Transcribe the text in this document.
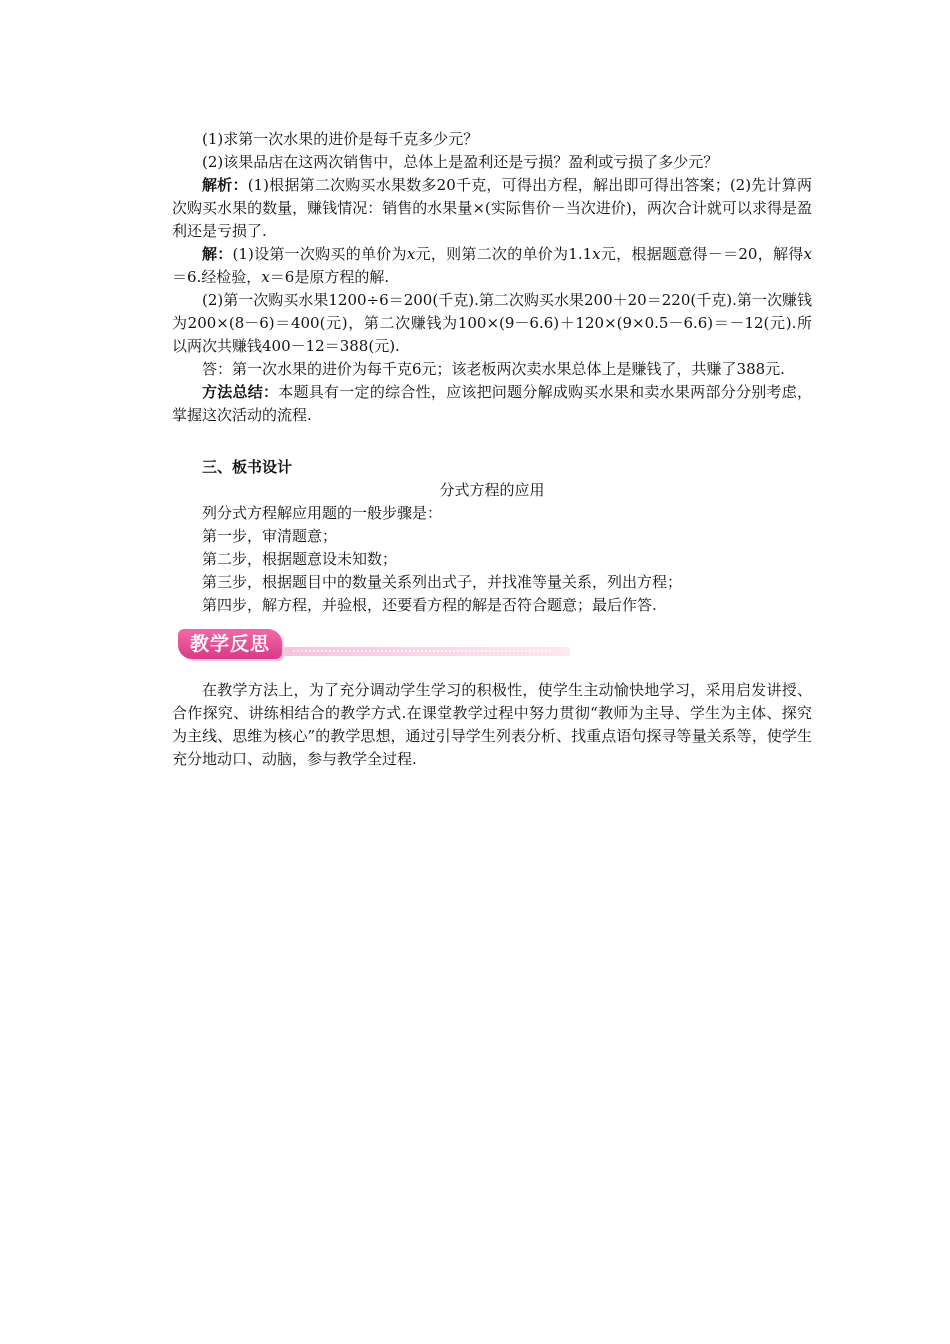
(1)求第一次水果的进价是每千克多少元？

(2)该果品店在这两次销售中，总体上是盈利还是亏损？盈利或亏损了多少元？

解析：(1)根据第二次购买水果数多20千克，可得出方程，解出即可得出答案；(2)先计算两次购买水果的数量，赚钱情况：销售的水果量×(实际售价－当次进价)，两次合计就可以求得是盈利还是亏损了.

解：(1)设第一次购买的单价为x元，则第二次的单价为1.1x元，根据题意得－＝20，解得x＝6.经检验，x＝6是原方程的解.

(2)第一次购买水果1200÷6＝200(千克).第二次购买水果200＋20＝220(千克).第一次赚钱为200×(8－6)＝400(元)，第二次赚钱为100×(9－6.6)＋120×(9×0.5－6.6)＝－12(元).所以两次共赚钱400－12＝388(元).

答：第一次水果的进价为每千克6元；该老板两次卖水果总体上是赚钱了，共赚了388元.

方法总结：本题具有一定的综合性，应该把问题分解成购买水果和卖水果两部分分别考虑，掌握这次活动的流程.

三、板书设计

分式方程的应用

列分式方程解应用题的一般步骤是：

第一步，审清题意；

第二步，根据题意设未知数；

第三步，根据题目中的数量关系列出式子，并找准等量关系，列出方程；

第四步，解方程，并验根，还要看方程的解是否符合题意；最后作答.

教学反思

在教学方法上，为了充分调动学生学习的积极性，使学生主动愉快地学习，采用启发讲授、合作探究、讲练相结合的教学方式.在课堂教学过程中努力贯彻“教师为主导、学生为主体、探究为主线、思维为核心”的教学思想，通过引导学生列表分析、找重点语句探寻等量关系等，使学生充分地动口、动脑，参与教学全过程.
